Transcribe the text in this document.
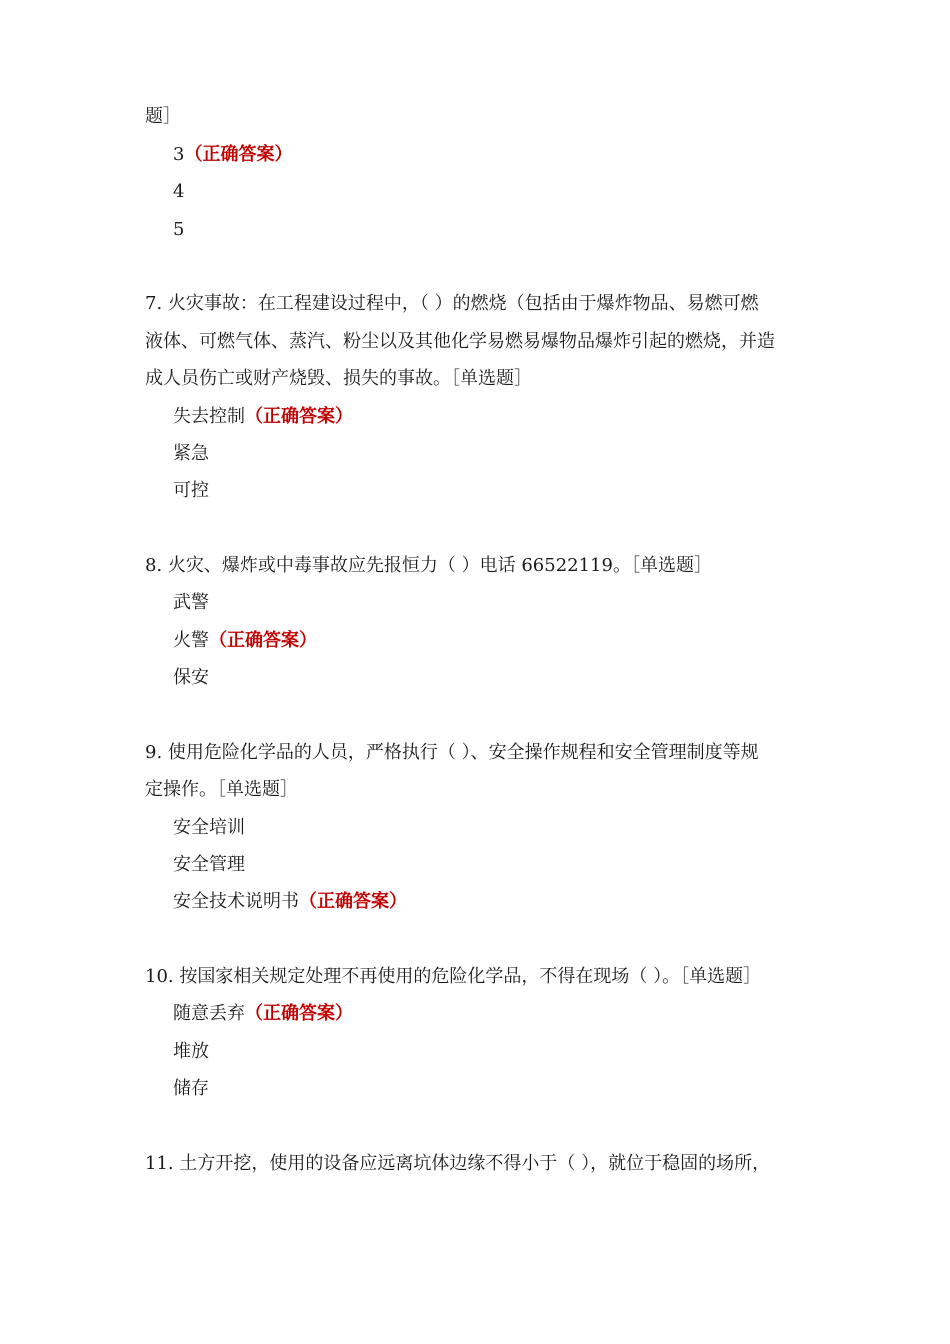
题］
3（正确答案）
4
5
7. 火灾事故：在工程建设过程中，（ ）的燃烧（包括由于爆炸物品、易燃可燃
液体、可燃气体、蒸汽、粉尘以及其他化学易燃易爆物品爆炸引起的燃烧，并造
成人员伤亡或财产烧毁、损失的事故。［单选题］
失去控制（正确答案）
紧急
可控
8. 火灾、爆炸或中毒事故应先报恒力（ ）电话 66522119。［单选题］
武警
火警（正确答案）
保安
9. 使用危险化学品的人员，严格执行（ ）、安全操作规程和安全管理制度等规
定操作。［单选题］
安全培训
安全管理
安全技术说明书（正确答案）
10. 按国家相关规定处理不再使用的危险化学品，不得在现场（ ）。［单选题］
随意丢弃（正确答案）
堆放
储存
11. 土方开挖，使用的设备应远离坑体边缘不得小于（ ），就位于稳固的场所，
